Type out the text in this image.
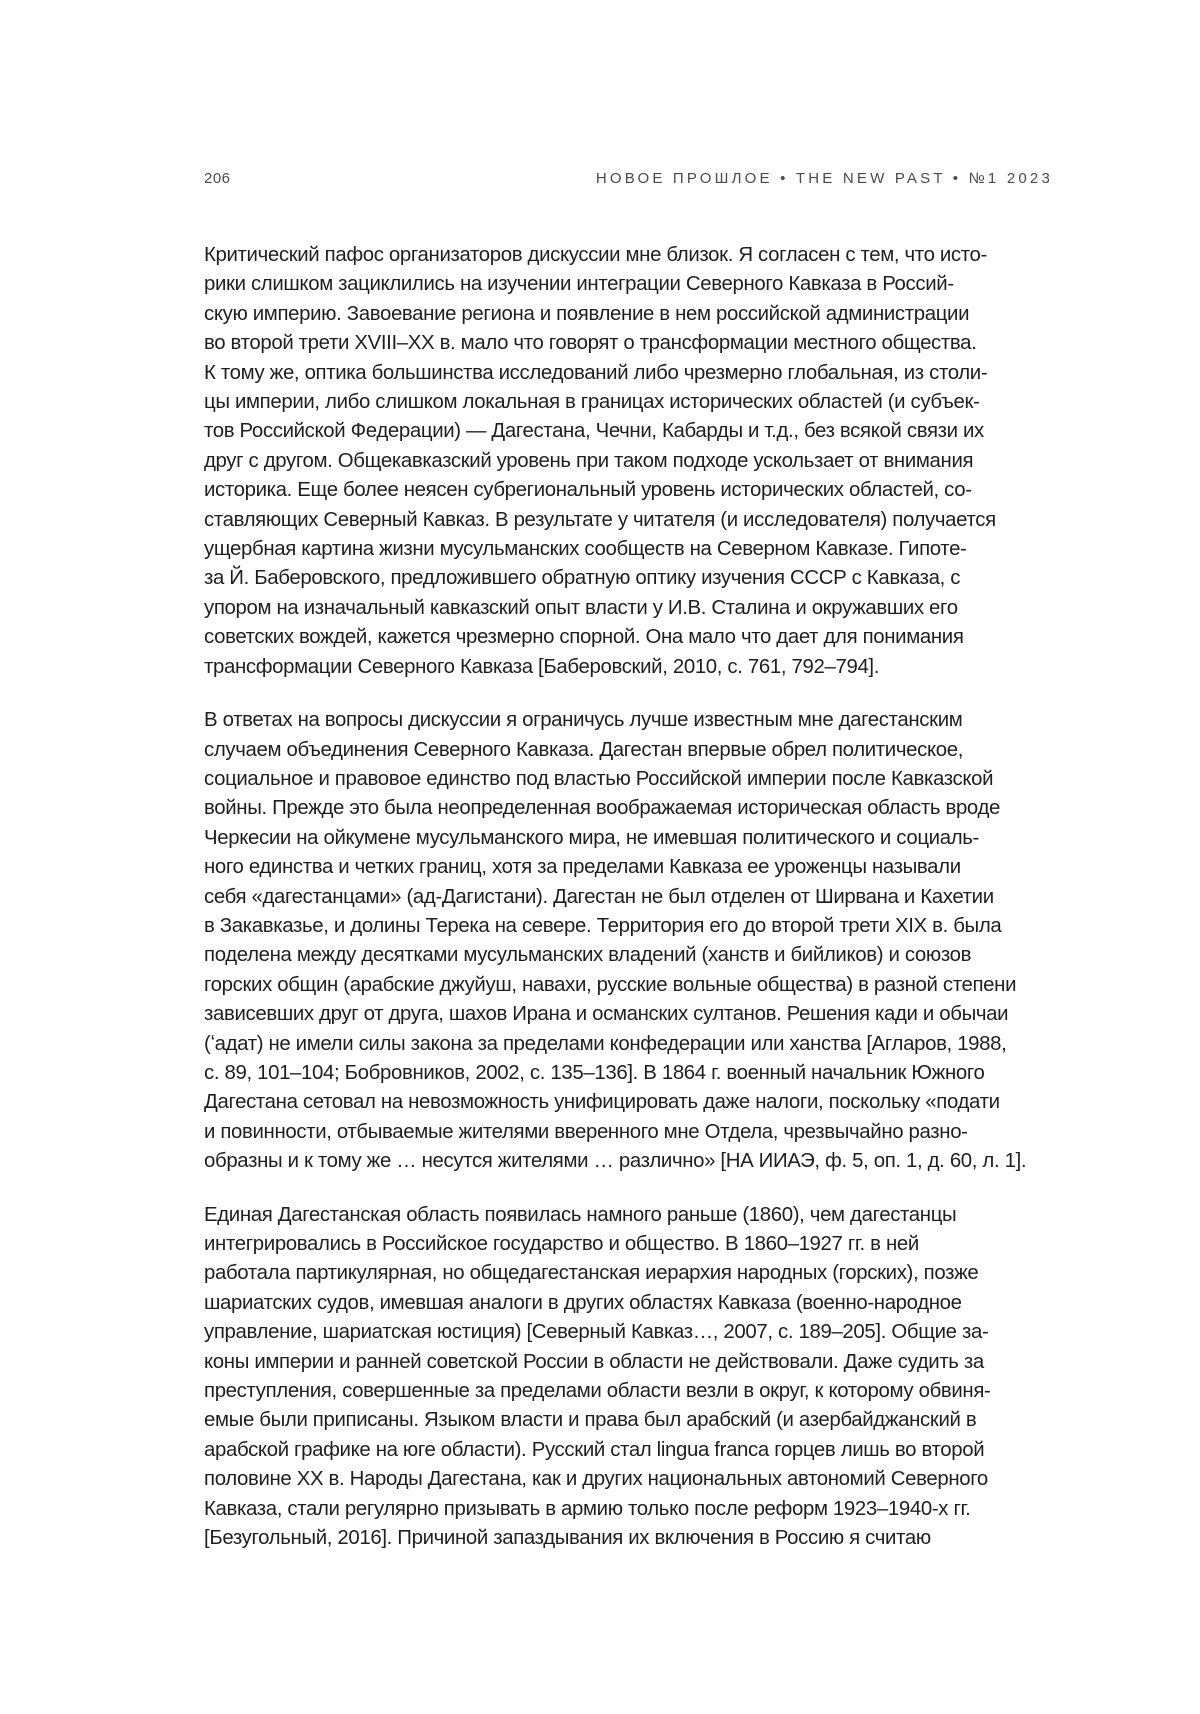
206	НОВОЕ ПРОШЛОЕ • THE NEW PAST • №1 2023

Критический пафос организаторов дискуссии мне близок. Я согласен с тем, что исто-
рики слишком зациклились на изучении интеграции Северного Кавказа в Россий-
скую империю. Завоевание региона и появление в нем российской администрации
во второй трети XVIII–XX в. мало что говорят о трансформации местного общества.
К тому же, оптика большинства исследований либо чрезмерно глобальная, из столи-
цы империи, либо слишком локальная в границах исторических областей (и субъек-
тов Российской Федерации) — Дагестана, Чечни, Кабарды и т.д., без всякой связи их
друг с другом. Общекавказский уровень при таком подходе ускользает от внимания
историка. Еще более неясен субрегиональный уровень исторических областей, со-
ставляющих Северный Кавказ. В результате у читателя (и исследователя) получается
ущербная картина жизни мусульманских сообществ на Северном Кавказе. Гипоте-
за Й. Баберовского, предложившего обратную оптику изучения СССР с Кавказа, с
упором на изначальный кавказский опыт власти у И.В. Сталина и окружавших его
советских вождей, кажется чрезмерно спорной. Она мало что дает для понимания
трансформации Северного Кавказа [Баберовский, 2010, с. 761, 792–794].

В ответах на вопросы дискуссии я ограничусь лучше известным мне дагестанским
случаем объединения Северного Кавказа. Дагестан впервые обрел политическое,
социальное и правовое единство под властью Российской империи после Кавказской
войны. Прежде это была неопределенная воображаемая историческая область вроде
Черкесии на ойкумене мусульманского мира, не имевшая политического и социаль-
ного единства и четких границ, хотя за пределами Кавказа ее уроженцы называли
себя «дагестанцами» (ад-Дагистани). Дагестан не был отделен от Ширвана и Кахетии
в Закавказье, и долины Терека на севере. Территория его до второй трети XIX в. была
поделена между десятками мусульманских владений (ханств и бийликов) и союзов
горских общин (арабские джуйуш, навахи, русские вольные общества) в разной степени
зависевших друг от друга, шахов Ирана и османских султанов. Решения кади и обычаи
(ʻадат) не имели силы закона за пределами конфедерации или ханства [Агларов, 1988,
с. 89, 101–104; Бобровников, 2002, с. 135–136]. В 1864 г. военный начальник Южного
Дагестана сетовал на невозможность унифицировать даже налоги, поскольку «подати
и повинности, отбываемые жителями вверенного мне Отдела, чрезвычайно разно-
образны и к тому же … несутся жителями … различно» [НА ИИАЭ, ф. 5, оп. 1, д. 60, л. 1].

Единая Дагестанская область появилась намного раньше (1860), чем дагестанцы
интегрировались в Российское государство и общество. В 1860–1927 гг. в ней
работала партикулярная, но общедагестанская иерархия народных (горских), позже
шариатских судов, имевшая аналоги в других областях Кавказа (военно-народное
управление, шариатская юстиция) [Северный Кавказ…, 2007, с. 189–205]. Общие за-
коны империи и ранней советской России в области не действовали. Даже судить за
преступления, совершенные за пределами области везли в округ, к которому обвиня-
емые были приписаны. Языком власти и права был арабский (и азербайджанский в
арабской графике на юге области). Русский стал lingua franca горцев лишь во второй
половине XX в. Народы Дагестана, как и других национальных автономий Северного
Кавказа, стали регулярно призывать в армию только после реформ 1923–1940-х гг.
[Безугольный, 2016]. Причиной запаздывания их включения в Россию я считаю
